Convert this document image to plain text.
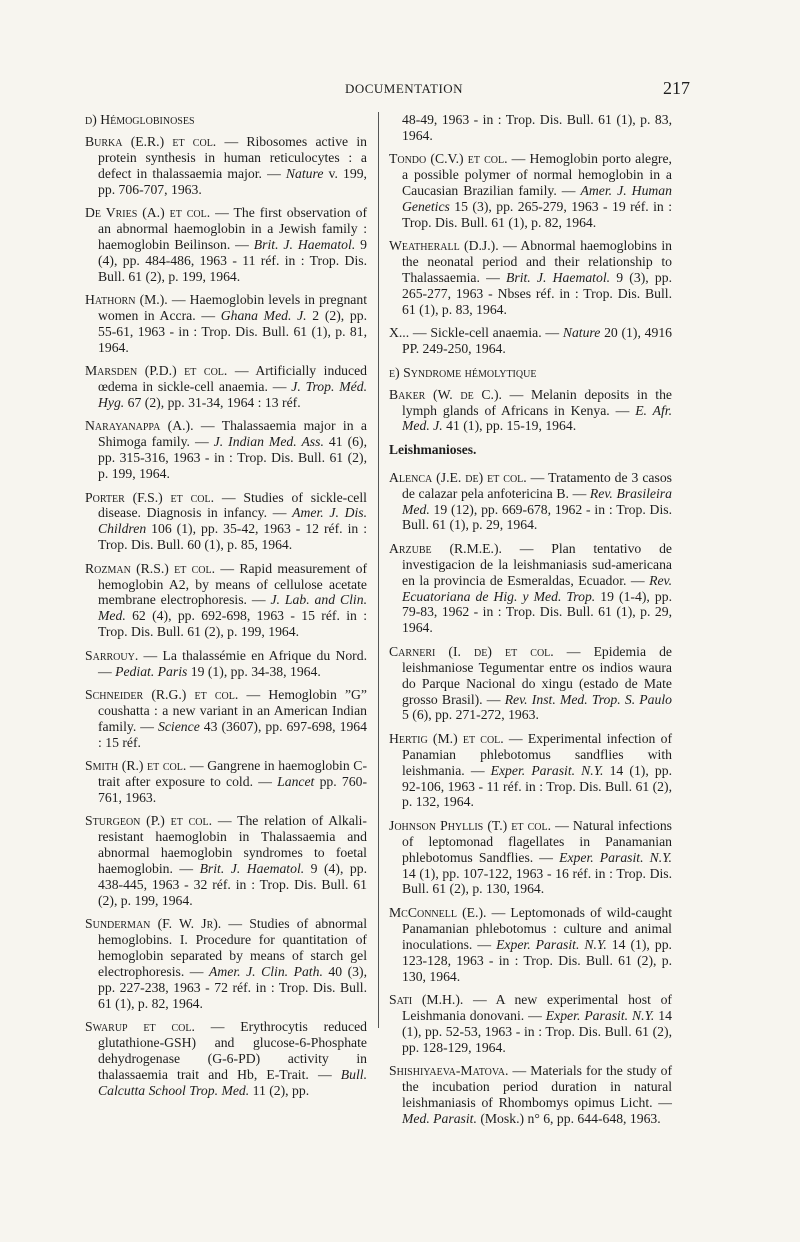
DOCUMENTATION	217
d) Hémoglobinoses

Burka (E.R.) et col. — Ribosomes active in protein synthesis in human reticulocytes : a defect in thalassaemia major. — Nature v. 199, pp. 706-707, 1963.

De Vries (A.) et col. — The first observation of an abnormal haemoglobin in a Jewish family : haemoglobin Beilinson. — Brit. J. Haematol. 9 (4), pp. 484-486, 1963 - 11 réf. in : Trop. Dis. Bull. 61 (2), p. 199, 1964.

Hathorn (M.). — Haemoglobin levels in pregnant women in Accra. — Ghana Med. J. 2 (2), pp. 55-61, 1963 - in : Trop. Dis. Bull. 61 (1), p. 81, 1964.

Marsden (P.D.) et col. — Artificially induced œdema in sickle-cell anaemia. — J. Trop. Méd. Hyg. 67 (2), pp. 31-34, 1964 : 13 réf.

Narayanappa (A.). — Thalassaemia major in a Shimoga family. — J. Indian Med. Ass. 41 (6), pp. 315-316, 1963 - in : Trop. Dis. Bull. 61 (2), p. 199, 1964.

Porter (F.S.) et col. — Studies of sickle-cell disease. Diagnosis in infancy. — Amer. J. Dis. Children 106 (1), pp. 35-42, 1963 - 12 réf. in : Trop. Dis. Bull. 60 (1), p. 85, 1964.

Rozman (R.S.) et col. — Rapid measurement of hemoglobin A2, by means of cellulose acetate membrane electrophoresis. — J. Lab. and Clin. Med. 62 (4), pp. 692-698, 1963 - 15 réf. in : Trop. Dis. Bull. 61 (2), p. 199, 1964.

Sarrouy. — La thalassémie en Afrique du Nord. — Pediat. Paris 19 (1), pp. 34-38, 1964.

Schneider (R.G.) et col. — Hemoglobin ”G” coushatta : a new variant in an American Indian family. — Science 43 (3607), pp. 697-698, 1964 : 15 réf.

Smith (R.) et col. — Gangrene in haemoglobin C-trait after exposure to cold. — Lancet pp. 760-761, 1963.

Sturgeon (P.) et col. — The relation of Alkali-resistant haemoglobin in Thalassaemia and abnormal haemoglobin syndromes to foetal haemoglobin. — Brit. J. Haematol. 9 (4), pp. 438-445, 1963 - 32 réf. in : Trop. Dis. Bull. 61 (2), p. 199, 1964.

Sunderman (F. W. Jr). — Studies of abnormal hemoglobins. I. Procedure for quantitation of hemoglobin separated by means of starch gel electrophoresis. — Amer. J. Clin. Path. 40 (3), pp. 227-238, 1963 - 72 réf. in : Trop. Dis. Bull. 61 (1), p. 82, 1964.

Swarup et col. — Erythrocytis reduced glutathione-GSH) and glucose-6-Phosphate dehydrogenase (G-6-PD) activity in thalassaemia trait and Hb, E-Trait. — Bull. Calcutta School Trop. Med. 11 (2), pp.

48-49, 1963 - in : Trop. Dis. Bull. 61 (1), p. 83, 1964.

Tondo (C.V.) et col. — Hemoglobin porto alegre, a possible polymer of normal hemoglobin in a Caucasian Brazilian family. — Amer. J. Human Genetics 15 (3), pp. 265-279, 1963 - 19 réf. in : Trop. Dis. Bull. 61 (1), p. 82, 1964.

Weatherall (D.J.). — Abnormal haemoglobins in the neonatal period and their relationship to Thalassaemia. — Brit. J. Haematol. 9 (3), pp. 265-277, 1963 - Nbses réf. in : Trop. Dis. Bull. 61 (1), p. 83, 1964.

X... — Sickle-cell anaemia. — Nature 20 (1), 4916 PP. 249-250, 1964.

e) Syndrome hémolytique

Baker (W. de C.). — Melanin deposits in the lymph glands of Africans in Kenya. — E. Afr. Med. J. 41 (1), pp. 15-19, 1964.

Leishmanioses.

Alenca (J.E. de) et col. — Tratamento de 3 casos de calazar pela anfotericina B. — Rev. Brasileira Med. 19 (12), pp. 669-678, 1962 - in : Trop. Dis. Bull. 61 (1), p. 29, 1964.

Arzube (R.M.E.). — Plan tentativo de investigacion de la leishmaniasis sud-americana en la provincia de Esmeraldas, Ecuador. — Rev. Ecuatoriana de Hig. y Med. Trop. 19 (1-4), pp. 79-83, 1962 - in : Trop. Dis. Bull. 61 (1), p. 29, 1964.

Carneri (I. de) et col. — Epidemia de leishmaniose Tegumentar entre os indios waura do Parque Nacional do xingu (estado de Mate grosso Brasil). — Rev. Inst. Med. Trop. S. Paulo 5 (6), pp. 271-272, 1963.

Hertig (M.) et col. — Experimental infection of Panamian phlebotomus sandflies with leishmania. — Exper. Parasit. N.Y. 14 (1), pp. 92-106, 1963 - 11 réf. in : Trop. Dis. Bull. 61 (2), p. 132, 1964.

Johnson Phyllis (T.) et col. — Natural infections of leptomonad flagellates in Panamanian phlebotomus Sandflies. — Exper. Parasit. N.Y. 14 (1), pp. 107-122, 1963 - 16 réf. in : Trop. Dis. Bull. 61 (2), p. 130, 1964.

McConnell (E.). — Leptomonads of wild-caught Panamanian phlebotomus : culture and animal inoculations. — Exper. Parasit. N.Y. 14 (1), pp. 123-128, 1963 - in : Trop. Dis. Bull. 61 (2), p. 130, 1964.

Sati (M.H.). — A new experimental host of Leishmania donovani. — Exper. Parasit. N.Y. 14 (1), pp. 52-53, 1963 - in : Trop. Dis. Bull. 61 (2), pp. 128-129, 1964.

Shishiyaeva-Matova. — Materials for the study of the incubation period duration in natural leishmaniasis of Rhombomys opimus Licht. — Med. Parasit. (Mosk.) n° 6, pp. 644-648, 1963.
